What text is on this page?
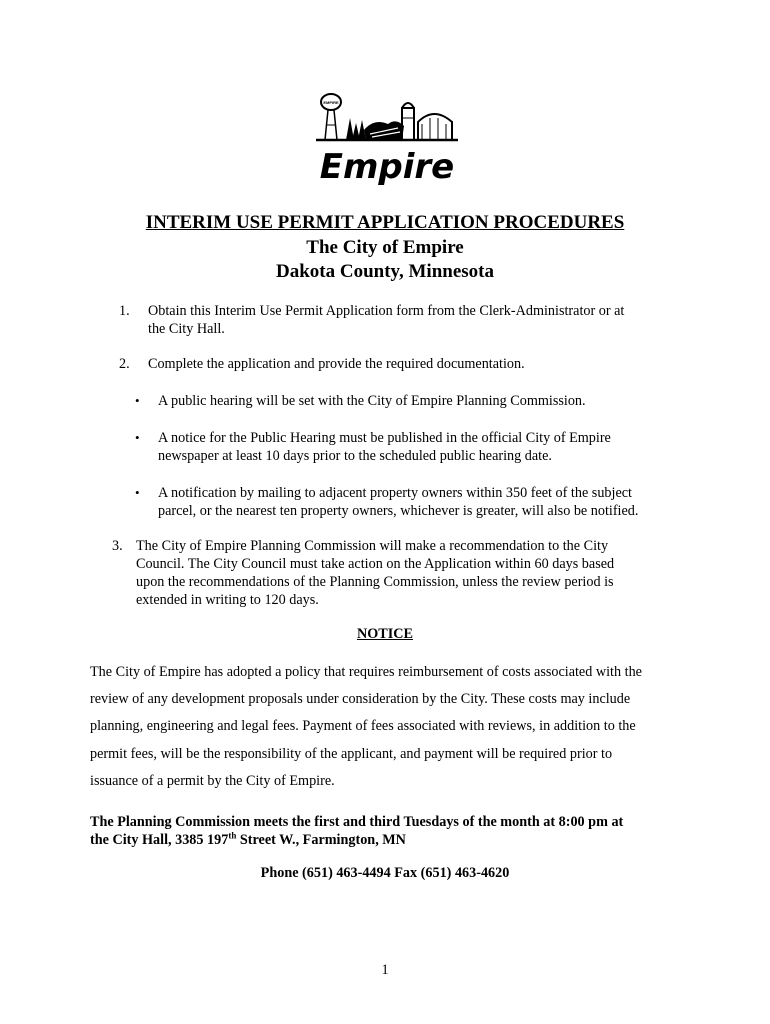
EMPIRE
Empire
INTERIM USE PERMIT APPLICATION PROCEDURES
The City of Empire
Dakota County, Minnesota
1. Obtain this Interim Use Permit Application form from the Clerk-Administrator or at
the City Hall.
2. Complete the application and provide the required documentation.
• A public hearing will be set with the City of Empire Planning Commission.
• A notice for the Public Hearing must be published in the official City of Empire
newspaper at least 10 days prior to the scheduled public hearing date.
• A notification by mailing to adjacent property owners within 350 feet of the subject
parcel, or the nearest ten property owners, whichever is greater, will also be notified.
3. The City of Empire Planning Commission will make a recommendation to the City
Council. The City Council must take action on the Application within 60 days based
upon the recommendations of the Planning Commission, unless the review period is
extended in writing to 120 days.
NOTICE
The City of Empire has adopted a policy that requires reimbursement of costs associated with the
review of any development proposals under consideration by the City. These costs may include
planning, engineering and legal fees. Payment of fees associated with reviews, in addition to the
permit fees, will be the responsibility of the applicant, and payment will be required prior to
issuance of a permit by the City of Empire.
The Planning Commission meets the first and third Tuesdays of the month at 8:00 pm at
the City Hall, 3385 197th Street W., Farmington, MN
Phone (651) 463-4494 Fax (651) 463-4620
1
